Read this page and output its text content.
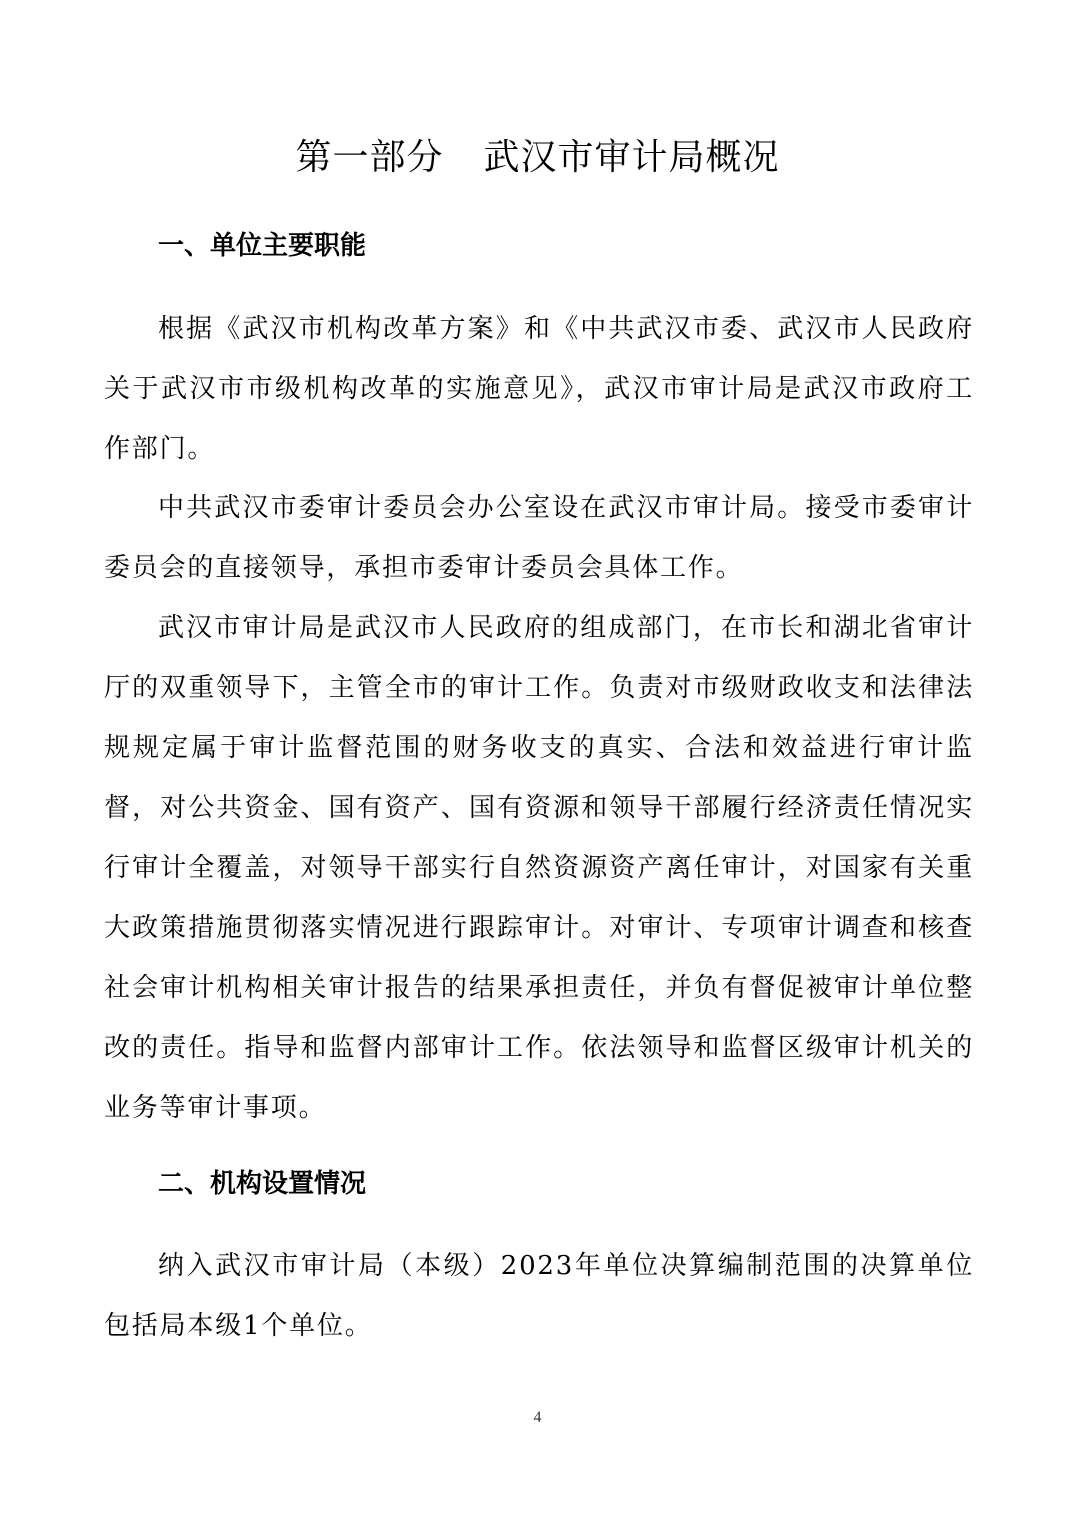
第一部分 武汉市审计局概况
一、单位主要职能

根据《武汉市机构改革方案》和《中共武汉市委、武汉市人民政府关于武汉市市级机构改革的实施意见》，武汉市审计局是武汉市政府工作部门。

中共武汉市委审计委员会办公室设在武汉市审计局。接受市委审计委员会的直接领导，承担市委审计委员会具体工作。

武汉市审计局是武汉市人民政府的组成部门，在市长和湖北省审计厅的双重领导下，主管全市的审计工作。负责对市级财政收支和法律法规规定属于审计监督范围的财务收支的真实、合法和效益进行审计监督，对公共资金、国有资产、国有资源和领导干部履行经济责任情况实行审计全覆盖，对领导干部实行自然资源资产离任审计，对国家有关重大政策措施贯彻落实情况进行跟踪审计。对审计、专项审计调查和核查社会审计机构相关审计报告的结果承担责任，并负有督促被审计单位整改的责任。指导和监督内部审计工作。依法领导和监督区级审计机关的业务等审计事项。

二、机构设置情况

纳入武汉市审计局（本级）2023年单位决算编制范围的决算单位包括局本级1个单位。

4
